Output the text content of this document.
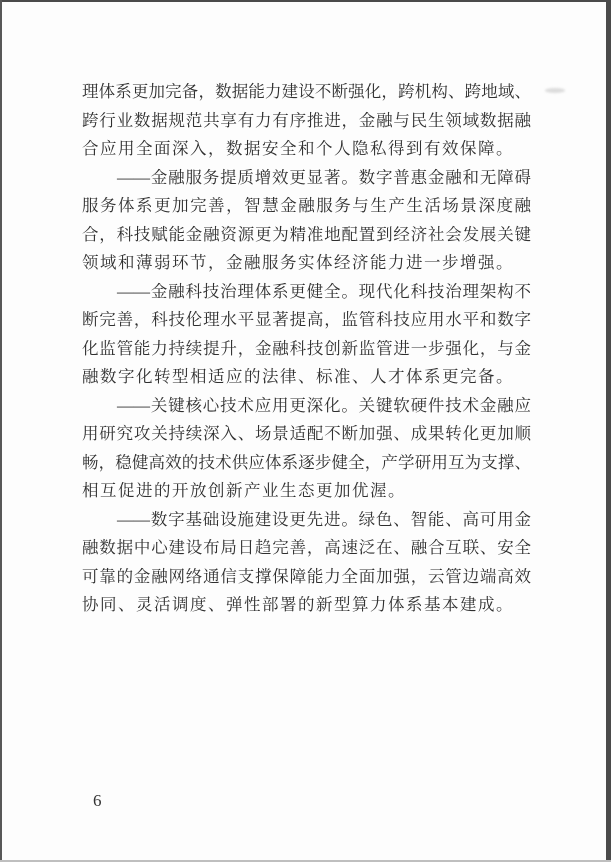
理体系更加完备，数据能力建设不断强化，跨机构、跨地域、
跨行业数据规范共享有力有序推进，金融与民生领域数据融
合应用全面深入，数据安全和个人隐私得到有效保障。
——金融服务提质增效更显著。数字普惠金融和无障碍
服务体系更加完善，智慧金融服务与生产生活场景深度融
合，科技赋能金融资源更为精准地配置到经济社会发展关键
领域和薄弱环节，金融服务实体经济能力进一步增强。
——金融科技治理体系更健全。现代化科技治理架构不
断完善，科技伦理水平显著提高，监管科技应用水平和数字
化监管能力持续提升，金融科技创新监管进一步强化，与金
融数字化转型相适应的法律、标准、人才体系更完备。
——关键核心技术应用更深化。关键软硬件技术金融应
用研究攻关持续深入、场景适配不断加强、成果转化更加顺
畅，稳健高效的技术供应体系逐步健全，产学研用互为支撑、
相互促进的开放创新产业生态更加优渥。
——数字基础设施建设更先进。绿色、智能、高可用金
融数据中心建设布局日趋完善，高速泛在、融合互联、安全
可靠的金融网络通信支撑保障能力全面加强，云管边端高效
协同、灵活调度、弹性部署的新型算力体系基本建成。
6
